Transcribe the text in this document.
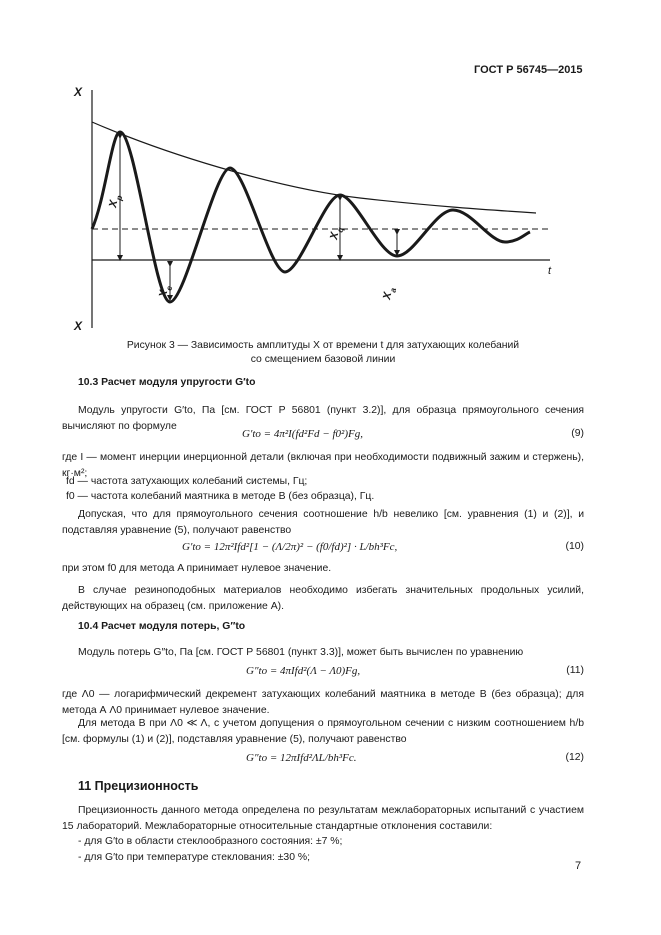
ГОСТ Р 56745—2015
X
X
t
X
p
X
e
X
q
X
a
Рисунок 3 — Зависимость амплитуды X от времени t для затухающих колебаний
со смещением базовой линии
10.3 Расчет модуля упругости G′to
Модуль упругости G′to, Па [см. ГОСТ Р 56801 (пункт 3.2)], для образца прямоугольного сечения вычисляют по формуле
G′to = 4π²I(fd²Fd − f0²)Fg,	(9)
где I — момент инерции инерционной детали (включая при необходимости подвижный зажим и стержень), кг·м²;
fd — частота затухающих колебаний системы, Гц;
f0 — частота колебаний маятника в методе B (без образца), Гц.
Допуская, что для прямоугольного сечения соотношение h/b невелико [см. уравнения (1) и (2)], и подставляя уравнение (5), получают равенство
G′to = 12π²Ifd²[1 − (Λ/2π)² − (f0/fd)²] · L/bh³Fc,	(10)
при этом f0 для метода A принимает нулевое значение.
В случае резиноподобных материалов необходимо избегать значительных продольных усилий, действующих на образец (см. приложение А).
10.4 Расчет модуля потерь, G″to
Модуль потерь G″to, Па [см. ГОСТ Р 56801 (пункт 3.3)], может быть вычислен по уравнению
G″to = 4πIfd²(Λ − Λ0)Fg,	(11)
где Λ0 — логарифмический декремент затухающих колебаний маятника в методе B (без образца); для метода А Λ0 принимает нулевое значение.
Для метода В при Λ0 ≪ Λ, с учетом допущения о прямоугольном сечении с низким соотношением h/b [см. формулы (1) и (2)], подставляя уравнение (5), получают равенство
G″to = 12πIfd²ΛL/bh³Fc.	(12)
11 Прецизионность
Прецизионность данного метода определена по результатам межлабораторных испытаний с участием 15 лабораторий. Межлабораторные относительные стандартные отклонения составили:
- для G′to в области стеклообразного состояния: ±7 %;
- для G′to при температуре стеклования: ±30 %;
7
